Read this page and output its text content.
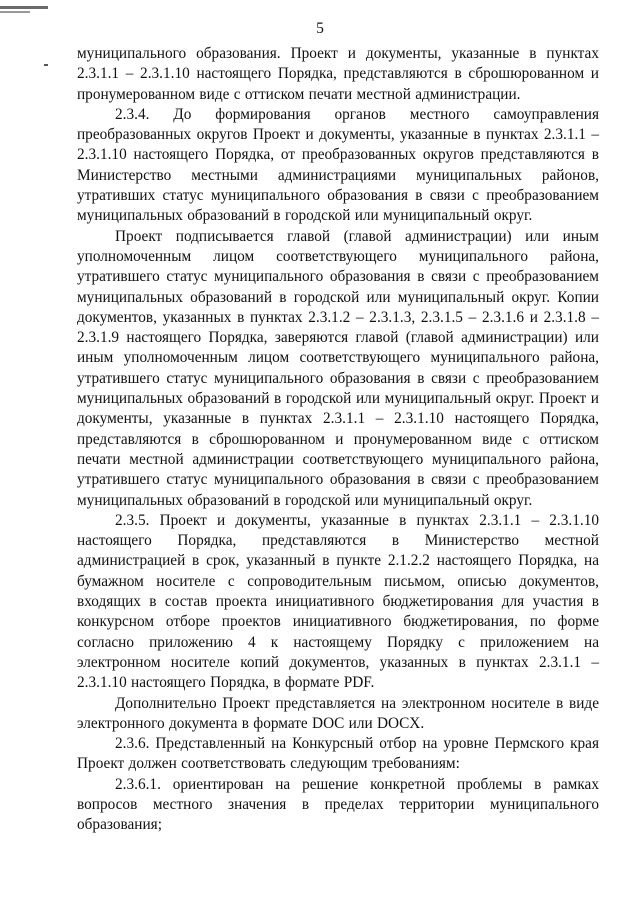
5

муниципального образования. Проект и документы, указанные в пунктах 2.3.1.1 – 2.3.1.10 настоящего Порядка, представляются в сброшюрованном и пронумерованном виде с оттиском печати местной администрации.

2.3.4. До формирования органов местного самоуправления преобразованных округов Проект и документы, указанные в пунктах 2.3.1.1 – 2.3.1.10 настоящего Порядка, от преобразованных округов представляются в Министерство местными администрациями муниципальных районов, утративших статус муниципального образования в связи с преобразованием муниципальных образований в городской или муниципальный округ.

Проект подписывается главой (главой администрации) или иным уполномоченным лицом соответствующего муниципального района, утратившего статус муниципального образования в связи с преобразованием муниципальных образований в городской или муниципальный округ. Копии документов, указанных в пунктах 2.3.1.2 – 2.3.1.3, 2.3.1.5 – 2.3.1.6 и 2.3.1.8 – 2.3.1.9 настоящего Порядка, заверяются главой (главой администрации) или иным уполномоченным лицом соответствующего муниципального района, утратившего статус муниципального образования в связи с преобразованием муниципальных образований в городской или муниципальный округ. Проект и документы, указанные в пунктах 2.3.1.1 – 2.3.1.10 настоящего Порядка, представляются в сброшюрованном и пронумерованном виде с оттиском печати местной администрации соответствующего муниципального района, утратившего статус муниципального образования в связи с преобразованием муниципальных образований в городской или муниципальный округ.

2.3.5. Проект и документы, указанные в пунктах 2.3.1.1 – 2.3.1.10 настоящего Порядка, представляются в Министерство местной администрацией в срок, указанный в пункте 2.1.2.2 настоящего Порядка, на бумажном носителе с сопроводительным письмом, описью документов, входящих в состав проекта инициативного бюджетирования для участия в конкурсном отборе проектов инициативного бюджетирования, по форме согласно приложению 4 к настоящему Порядку с приложением на электронном носителе копий документов, указанных в пунктах 2.3.1.1 – 2.3.1.10 настоящего Порядка, в формате PDF.

Дополнительно Проект представляется на электронном носителе в виде электронного документа в формате DOC или DOCX.

2.3.6. Представленный на Конкурсный отбор на уровне Пермского края Проект должен соответствовать следующим требованиям:

2.3.6.1. ориентирован на решение конкретной проблемы в рамках вопросов местного значения в пределах территории муниципального образования;
